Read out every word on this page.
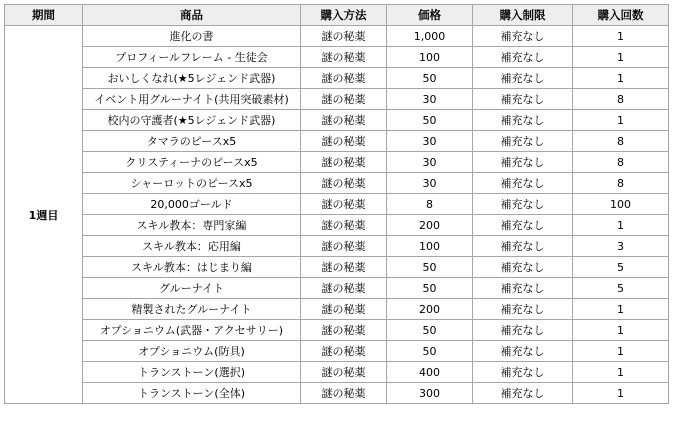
期間	商品	購入方法	価格	購入制限	購入回数
1週目	進化の書	謎の秘薬	1,000	補充なし	1
	プロフィールフレーム - 生徒会	謎の秘薬	100	補充なし	1
	おいしくなれ(★5レジェンド武器)	謎の秘薬	50	補充なし	1
	イベント用グルーナイト(共用突破素材)	謎の秘薬	30	補充なし	8
	校内の守護者(★5レジェンド武器)	謎の秘薬	50	補充なし	1
	タマラのピースx5	謎の秘薬	30	補充なし	8
	クリスティーナのピースx5	謎の秘薬	30	補充なし	8
	シャーロットのピースx5	謎の秘薬	30	補充なし	8
	20,000ゴールド	謎の秘薬	8	補充なし	100
	スキル教本：専門家編	謎の秘薬	200	補充なし	1
	スキル教本：応用編	謎の秘薬	100	補充なし	3
	スキル教本：はじまり編	謎の秘薬	50	補充なし	5
	グルーナイト	謎の秘薬	50	補充なし	5
	精製されたグルーナイト	謎の秘薬	200	補充なし	1
	オプショニウム(武器・アクセサリー)	謎の秘薬	50	補充なし	1
	オプショニウム(防具)	謎の秘薬	50	補充なし	1
	トランストーン(選択)	謎の秘薬	400	補充なし	1
	トランストーン(全体)	謎の秘薬	300	補充なし	1
